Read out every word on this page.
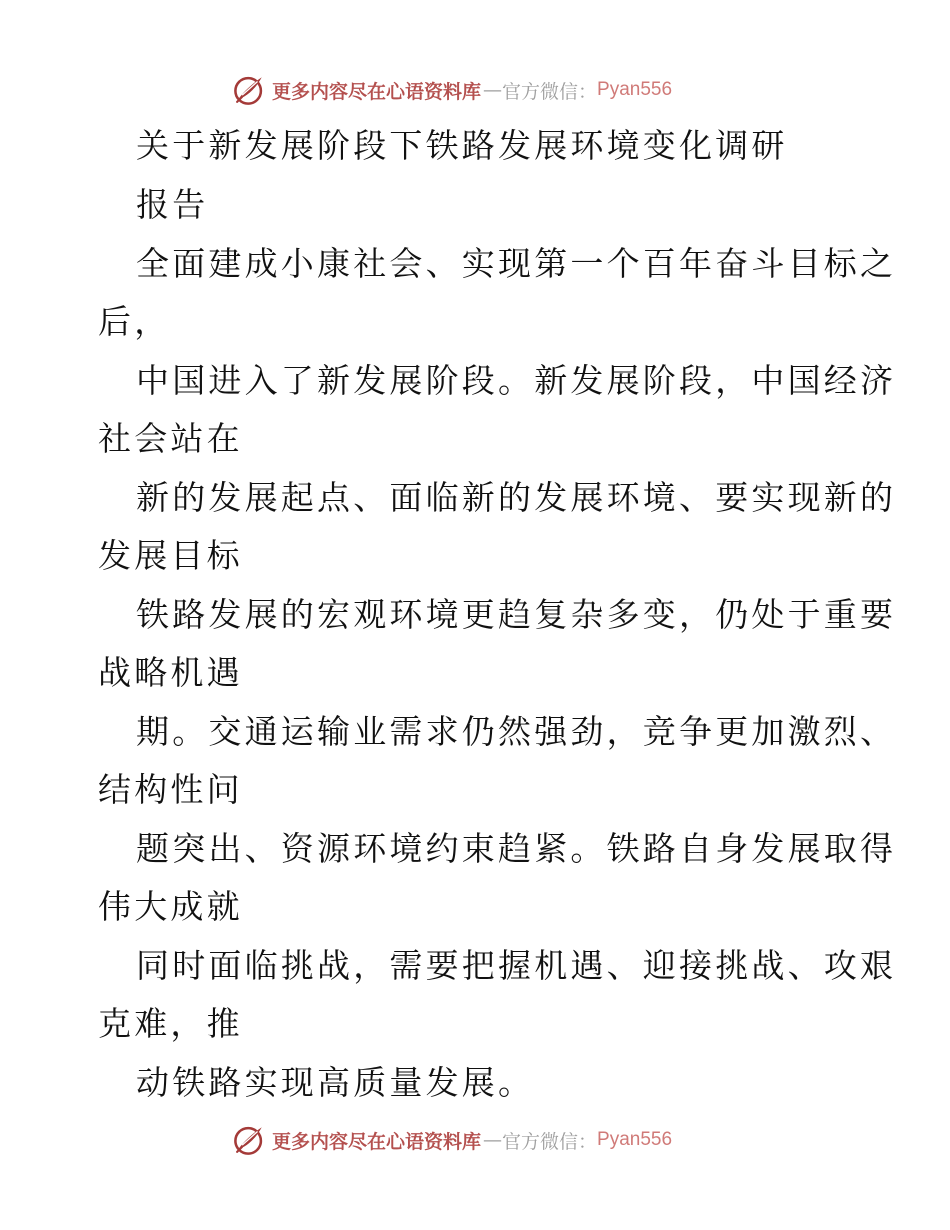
更多内容尽在心语资料库 — 官方微信： Pyan556
关于新发展阶段下铁路发展环境变化调研
报告
全面建成小康社会、实现第一个百年奋斗目标之
后，
中国进入了新发展阶段。新发展阶段，中国经济
社会站在
新的发展起点、面临新的发展环境、要实现新的
发展目标
铁路发展的宏观环境更趋复杂多变，仍处于重要
战略机遇
期。交通运输业需求仍然强劲，竞争更加激烈、
结构性问
题突出、资源环境约束趋紧。铁路自身发展取得
伟大成就
同时面临挑战，需要把握机遇、迎接挑战、攻艰
克难，推
动铁路实现高质量发展。
更多内容尽在心语资料库 — 官方微信： Pyan556
